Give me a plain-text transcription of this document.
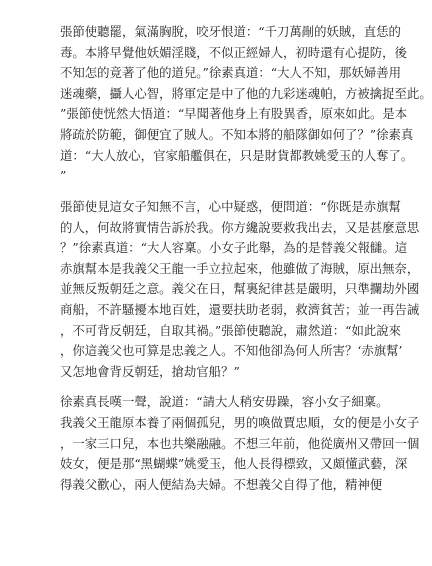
張節使聽罷，氣滿胸脫，咬牙恨道：“千刀萬剮的妖賊，直恁的
毒。本將早覺他妖媚淫賤，不似正經婦人，初時還有心提防，後
不知怎的竟著了他的道兒。”徐素真道：“大人不知，那妖婦善用
迷魂藥，攝人心智，將軍定是中了他的九彩迷魂帕，方被擒捉至此。
”張節使恍然大悟道：“早聞著他身上有股異香，原來如此。是本
將疏於防範，御便宜了賊人。不知本將的船隊御如何了？”徐素真
道：“大人放心，官家船艦俱在，只是財貨都教姚愛玉的人奪了。
”
張節使見這女子知無不言，心中疑惑，便問道：“你既是赤旗幫
的人，何故將實情告訴於我。你方纔說要救我出去，又是甚麼意思
？”徐素真道：“大人容稟。小女子此舉，為的是替義父報讎。這
赤旗幫本是我義父王龍一手立拉起來，他雖做了海賊，原出無奈，
並無反叛朝廷之意。義父在日，幫裏紀律甚是嚴明，只準攔劫外國
商船，不許騷擾本地百姓，還要扶助老弱，救濟貧苦；並一再告誡
，不可背反朝廷，自取其禍。”張節使聽說，肅然道：“如此說來
，你這義父也可算是忠義之人。不知他卻為何人所害？‘赤旗幫’
又怎地會背反朝廷，搶劫官船？”
徐素真長嘆一聲，說道：“請大人稍安毋躁，容小女子細稟。
我義父王龍原本養了兩個孤兒，男的喚做賈忠順，女的便是小女子
，一家三口兒，本也共樂融融。不想三年前，他從廣州又帶回一個
妓女，便是那“黑蝴蝶”姚愛玉，他人長得標致，又頗懂武藝，深
得義父歡心，兩人便結為夫婦。不想義父自得了他，精神便
